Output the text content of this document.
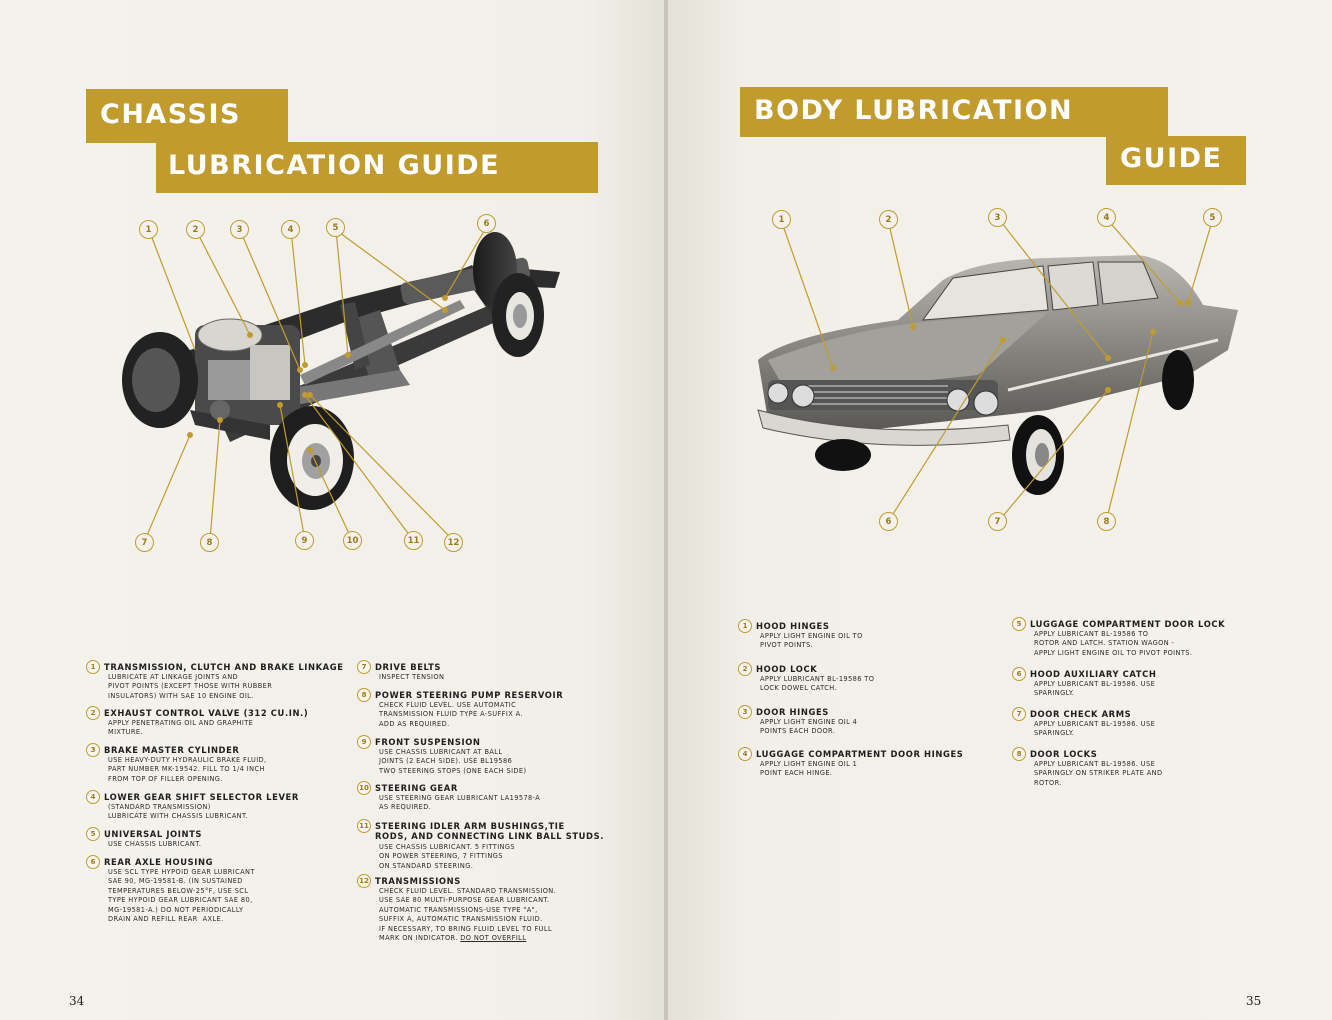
CHASSIS
LUBRICATION GUIDE
1	2	3	4	5	6
7	8	9	10	11	12
1	TRANSMISSION, CLUTCH AND BRAKE LINKAGE
LUBRICATE AT LINKAGE JOINTS AND
PIVOT POINTS (EXCEPT THOSE WITH RUBBER
INSULATORS) WITH SAE 10 ENGINE OIL.
2	EXHAUST CONTROL VALVE (312 CU.IN.)
APPLY PENETRATING OIL AND GRAPHITE
MIXTURE.
3	BRAKE MASTER CYLINDER
USE HEAVY-DUTY HYDRAULIC BRAKE FLUID,
PART NUMBER MK-19542. FILL TO 1/4 INCH
FROM TOP OF FILLER OPENING.
4	LOWER GEAR SHIFT SELECTOR LEVER
(STANDARD TRANSMISSION)
LUBRICATE WITH CHASSIS LUBRICANT.
5	UNIVERSAL JOINTS
USE CHASSIS LUBRICANT.
6	REAR AXLE HOUSING
USE SCL TYPE HYPOID GEAR LUBRICANT
SAE 90, MG-19581-B. (IN SUSTAINED
TEMPERATURES BELOW-25°F, USE SCL
TYPE HYPOID GEAR LUBRICANT SAE 80,
MG-19581-A.) DO NOT PERIODICALLY
DRAIN AND REFILL REAR  AXLE.
7	DRIVE BELTS
INSPECT TENSION
8	POWER STEERING PUMP RESERVOIR
CHECK FLUID LEVEL. USE AUTOMATIC
TRANSMISSION FLUID TYPE A-SUFFIX A.
ADD AS REQUIRED.
9	FRONT SUSPENSION
USE CHASSIS LUBRICANT AT BALL
JOINTS (2 EACH SIDE). USE BL19586
TWO STEERING STOPS (ONE EACH SIDE)
10 STEERING GEAR
USE STEERING GEAR LUBRICANT LA19578-A
AS REQUIRED.
11 STEERING IDLER ARM BUSHINGS,TIE
RODS, AND CONNECTING LINK BALL STUDS.
USE CHASSIS LUBRICANT. 5 FITTINGS
ON POWER STEERING, 7 FITTINGS
ON STANDARD STEERING.
12 TRANSMISSIONS
CHECK FLUID LEVEL. STANDARD TRANSMISSION.
USE SAE 80 MULTI-PURPOSE GEAR LUBRICANT.
AUTOMATIC TRANSMISSIONS-USE TYPE "A",
SUFFIX A, AUTOMATIC TRANSMISSION FLUID.
IF NECESSARY, TO BRING FLUID LEVEL TO FULL
MARK ON INDICATOR. DO NOT OVERFILL
34
BODY LUBRICATION
GUIDE
1	2	3	4	5
6	7	8
1	HOOD HINGES
APPLY LIGHT ENGINE OIL TO
PIVOT POINTS.
2	HOOD LOCK
APPLY LUBRICANT BL-19586 TO
LOCK DOWEL CATCH.
3	DOOR HINGES
APPLY LIGHT ENGINE OIL 4
POINTS EACH DOOR.
4	LUGGAGE COMPARTMENT DOOR HINGES
APPLY LIGHT ENGINE OIL 1
POINT EACH HINGE.
5	LUGGAGE COMPARTMENT DOOR LOCK
APPLY LUBRICANT BL-19586 TO
ROTOR AND LATCH. STATION WAGON -
APPLY LIGHT ENGINE OIL TO PIVOT POINTS.
6	HOOD AUXILIARY CATCH
APPLY LUBRICANT BL-19586. USE
SPARINGLY.
7	DOOR CHECK ARMS
APPLY LUBRICANT BL-19586. USE
SPARINGLY.
8	DOOR LOCKS
APPLY LUBRICANT BL-19586. USE
SPARINGLY ON STRIKER PLATE AND
ROTOR.
35
